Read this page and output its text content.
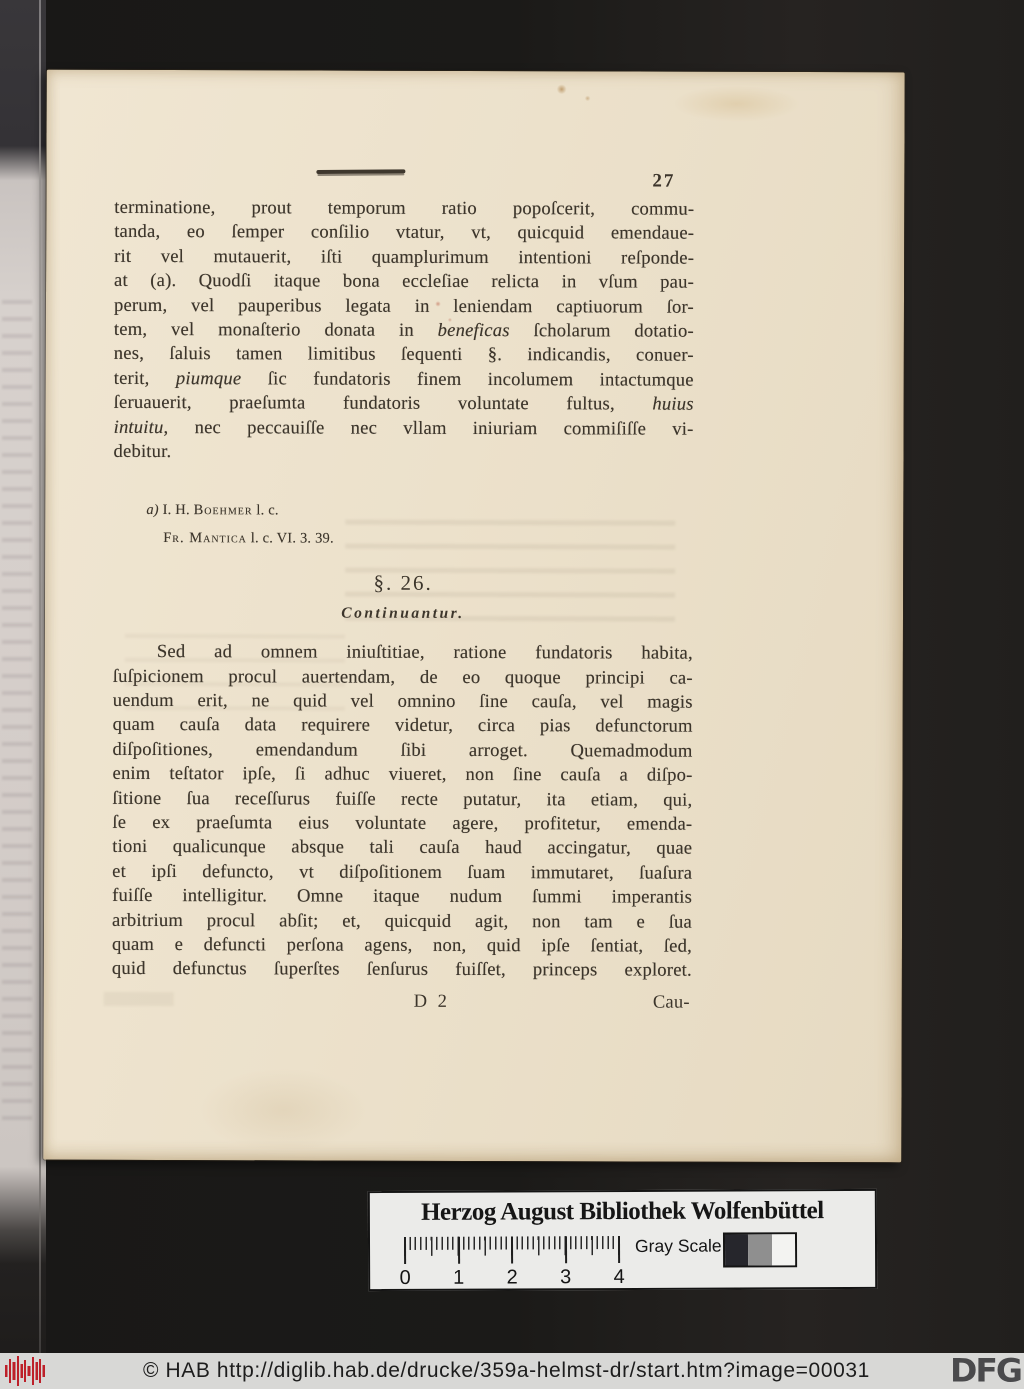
27
terminatione, prout temporum ratio popoſcerit, commu-
tanda, eo ſemper conſilio vtatur, vt, quicquid emendaue-
rit vel mutauerit, iſti quamplurimum intentioni reſponde-
at (a). Quodſi itaque bona eccleſiae relicta in vſum pau-
perum, vel pauperibus legata in leniendam captiuorum ſor-
tem, vel monaſterio donata in beneficas ſcholarum dotatio-
nes, ſaluis tamen limitibus ſequenti §. indicandis, conuer-
terit, piumque ſic fundatoris finem incolumem intactumque
ſeruauerit, praeſumta fundatoris voluntate fultus, huius
intuitu, nec peccauiſſe nec vllam iniuriam commiſiſſe vi-
debitur.
a) I. H. Boehmer l. c.
Fr. Mantica l. c. VI. 3. 39.
§. 26.
Continuantur.
Sed ad omnem iniuſtitiae, ratione fundatoris habita,
ſuſpicionem procul auertendam, de eo quoque principi ca-
uendum erit, ne quid vel omnino ſine cauſa, vel magis
quam cauſa data requirere videtur, circa pias defunctorum
diſpoſitiones, emendandum ſibi arroget. Quemadmodum
enim teſtator ipſe, ſi adhuc viueret, non ſine cauſa a diſpo-
ſitione ſua receſſurus fuiſſe recte putatur, ita etiam, qui,
ſe ex praeſumta eius voluntate agere, profitetur, emenda-
tioni qualicunque absque tali cauſa haud accingatur, quae
et ipſi defuncto, vt diſpoſitionem ſuam immutaret, ſuaſura
fuiſſe intelligitur. Omne itaque nudum ſummi imperantis
arbitrium procul abſit; et, quicquid agit, non tam e ſua
quam e defuncti perſona agens, non, quid ipſe ſentiat, ſed,
quid defunctus ſuperſtes ſenſurus fuiſſet, princeps exploret.
D 2	Cau-
Herzog August Bibliothek Wolfenbüttel
0 1 2 3 4
Gray Scale
© HAB http://diglib.hab.de/drucke/359a-helmst-dr/start.htm?image=00031 DFG
